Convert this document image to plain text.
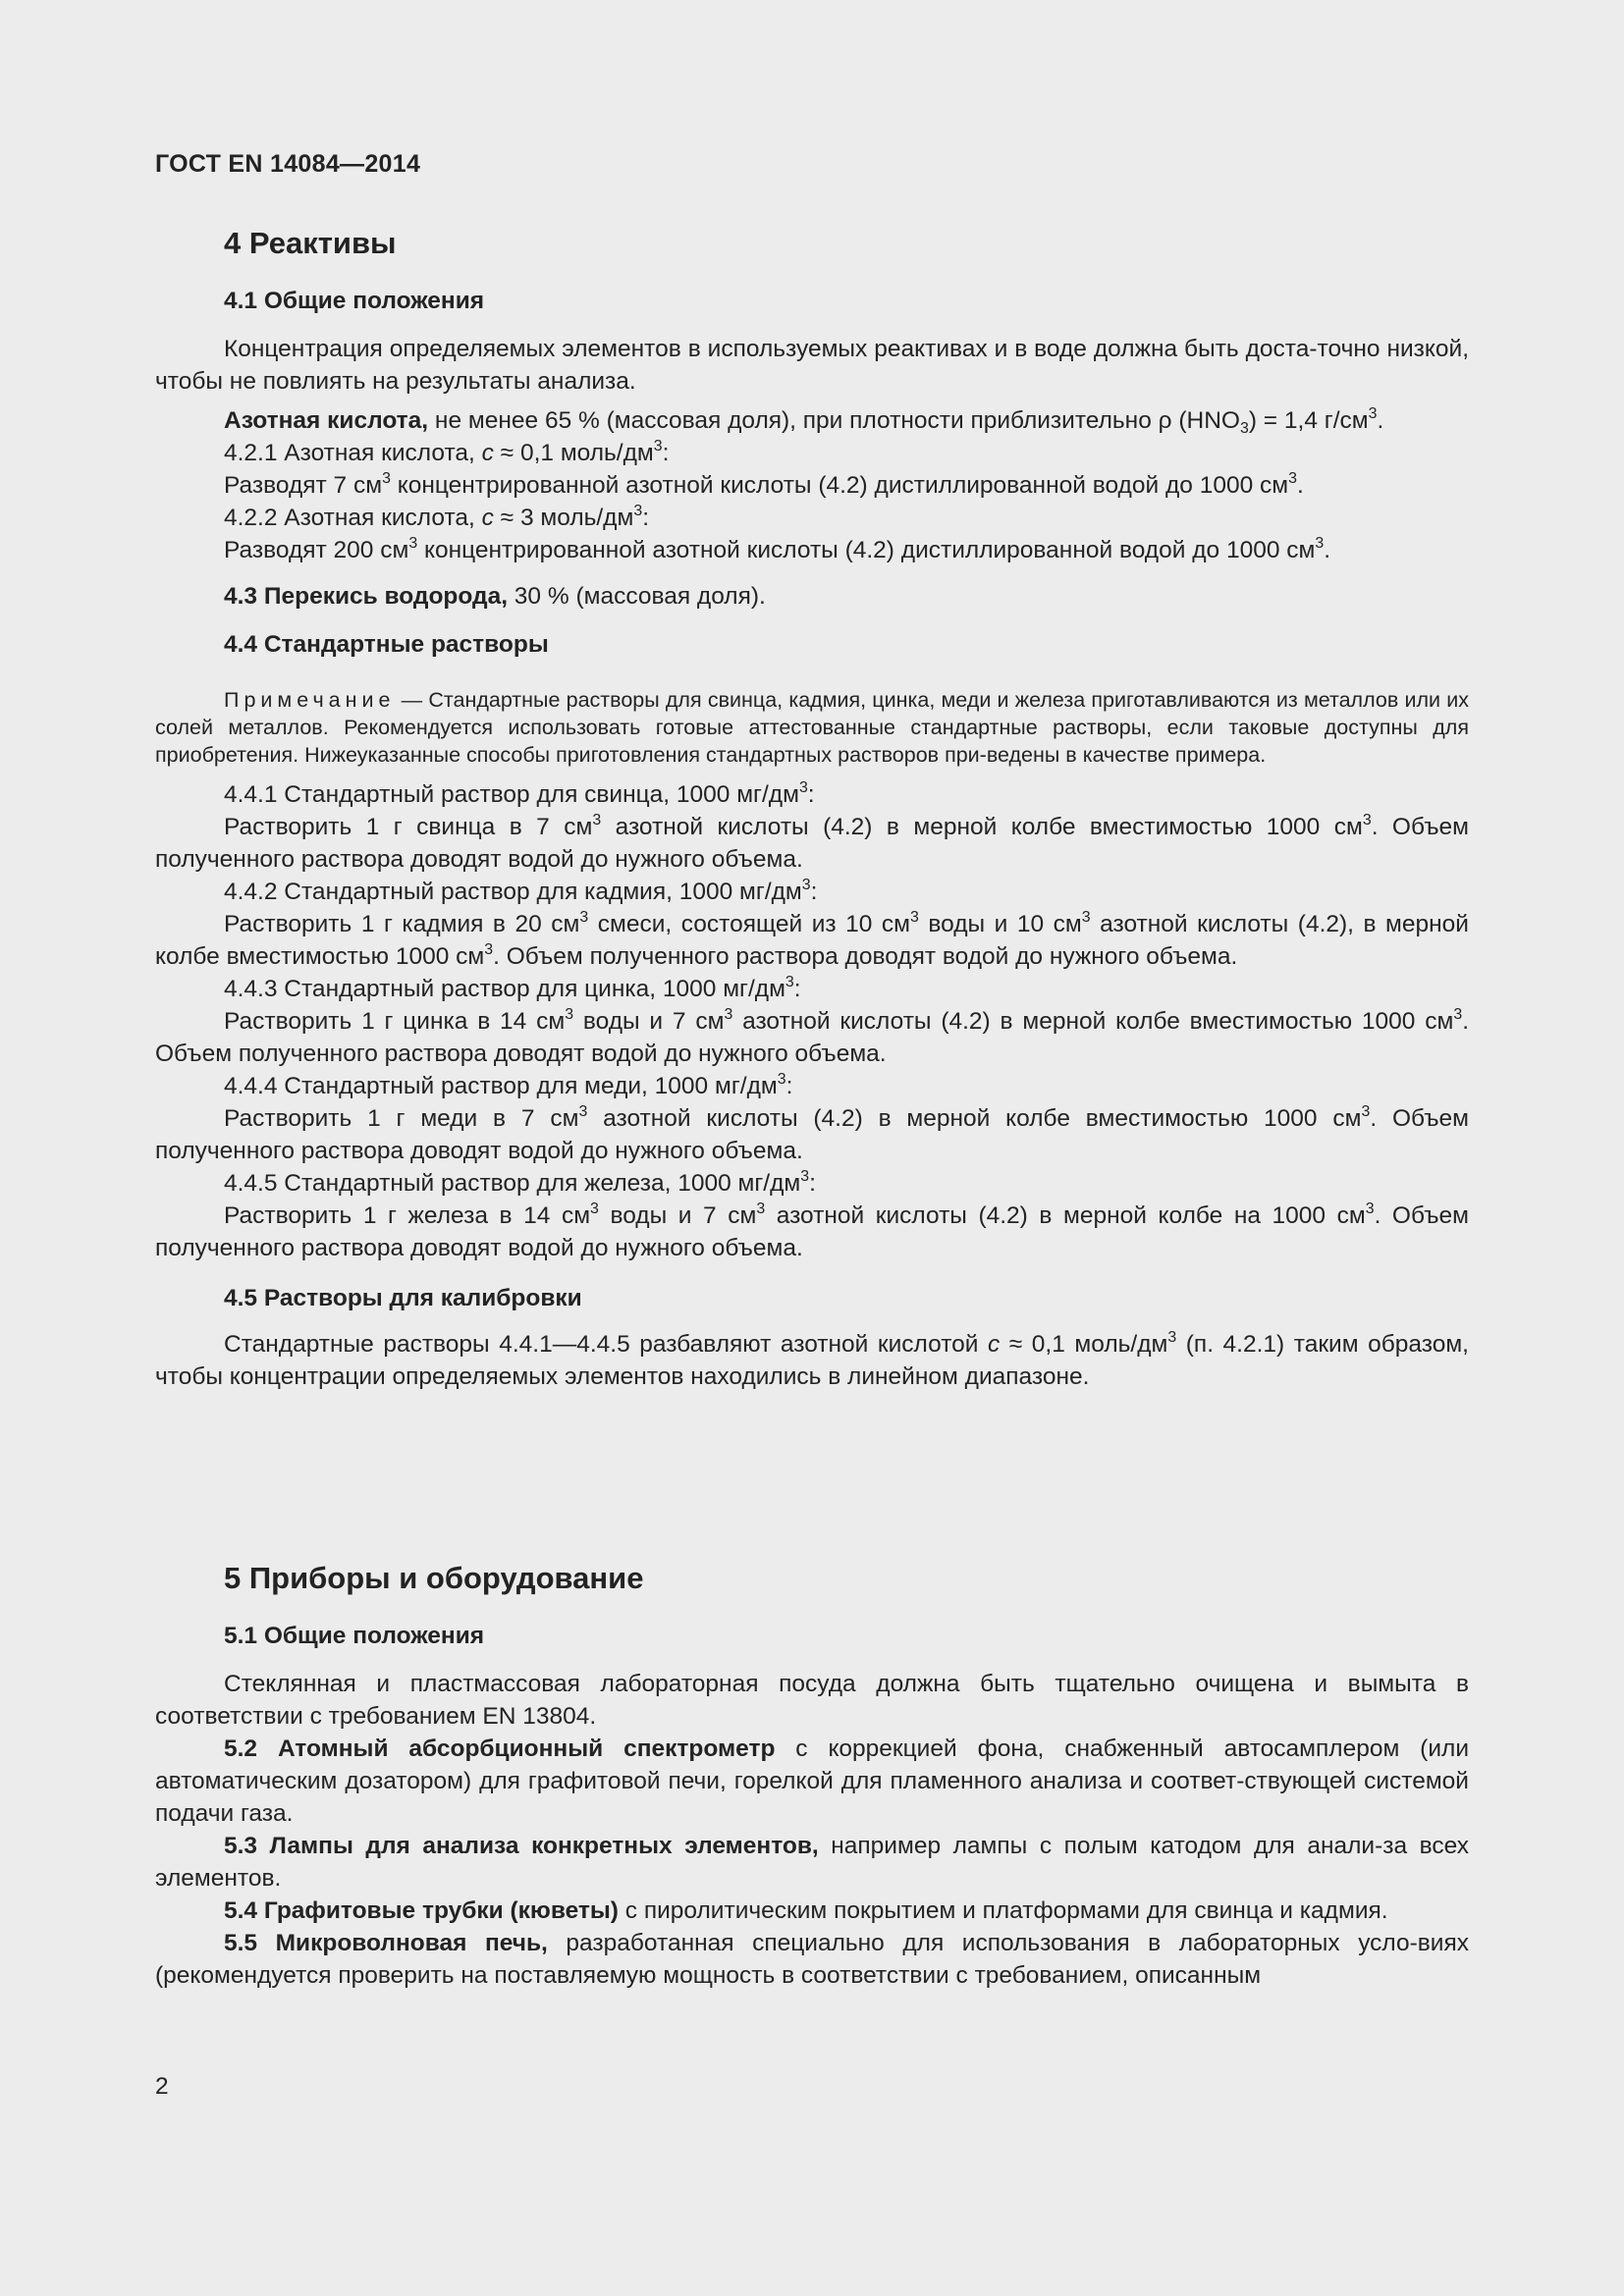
ГОСТ EN 14084—2014
4 Реактивы
4.1 Общие положения
Концентрация определяемых элементов в используемых реактивах и в воде должна быть доста-точно низкой, чтобы не повлиять на результаты анализа.
Азотная кислота, не менее 65 % (массовая доля), при плотности приблизительно ρ $(HNO_3) = 1,4$ $г/см^3$.
4.2.1 Азотная кислота, c ≈ 0,1 моль/$дм^3$:
Разводят 7 $см^3$ концентрированной азотной кислоты (4.2) дистиллированной водой до 1000 $см^3$.
4.2.2 Азотная кислота, c ≈ 3 моль/$дм^3$:
Разводят 200 $см^3$ концентрированной азотной кислоты (4.2) дистиллированной водой до 1000 $см^3$.
4.3 Перекись водорода, 30 % (массовая доля).
4.4 Стандартные растворы
Примечание — Стандартные растворы для свинца, кадмия, цинка, меди и железа приготавливаются из металлов или их солей металлов. Рекомендуется использовать готовые аттестованные стандартные растворы, если таковые доступны для приобретения. Нижеуказанные способы приготовления стандартных растворов при-ведены в качестве примера.
4.4.1 Стандартный раствор для свинца, 1000 $мг/дм^3$:
Растворить 1 г свинца в 7 $см^3$ азотной кислоты (4.2) в мерной колбе вместимостью 1000 $см^3$. Объем полученного раствора доводят водой до нужного объема.
4.4.2 Стандартный раствор для кадмия, 1000 $мг/дм^3$:
Растворить 1 г кадмия в 20 $см^3$ смеси, состоящей из 10 $см^3$ воды и 10 $см^3$ азотной кислоты (4.2), в мерной колбе вместимостью 1000 $см^3$. Объем полученного раствора доводят водой до нужного объема.
4.4.3 Стандартный раствор для цинка, 1000 $мг/дм^3$:
Растворить 1 г цинка в 14 $см^3$ воды и 7 $см^3$ азотной кислоты (4.2) в мерной колбе вместимостью 1000 $см^3$. Объем полученного раствора доводят водой до нужного объема.
4.4.4 Стандартный раствор для меди, 1000 $мг/дм^3$:
Растворить 1 г меди в 7 $см^3$ азотной кислоты (4.2) в мерной колбе вместимостью 1000 $см^3$. Объем полученного раствора доводят водой до нужного объема.
4.4.5 Стандартный раствор для железа, 1000 $мг/дм^3$:
Растворить 1 г железа в 14 $см^3$ воды и 7 $см^3$ азотной кислоты (4.2) в мерной колбе на 1000 $см^3$. Объем полученного раствора доводят водой до нужного объема.
4.5 Растворы для калибровки
Стандартные растворы 4.4.1—4.4.5 разбавляют азотной кислотой c ≈ 0,1 моль/$дм^3$ (п. 4.2.1) таким образом, чтобы концентрации определяемых элементов находились в линейном диапазоне.
5 Приборы и оборудование
5.1 Общие положения
Стеклянная и пластмассовая лабораторная посуда должна быть тщательно очищена и вымыта в соответствии с требованием EN 13804.
5.2 Атомный абсорбционный спектрометр с коррекцией фона, снабженный автосамплером (или автоматическим дозатором) для графитовой печи, горелкой для пламенного анализа и соответ-ствующей системой подачи газа.
5.3 Лампы для анализа конкретных элементов, например лампы с полым катодом для анали-за всех элементов.
5.4 Графитовые трубки (кюветы) с пиролитическим покрытием и платформами для свинца и кадмия.
5.5 Микроволновая печь, разработанная специально для использования в лабораторных усло-виях (рекомендуется проверить на поставляемую мощность в соответствии с требованием, описанным
2
